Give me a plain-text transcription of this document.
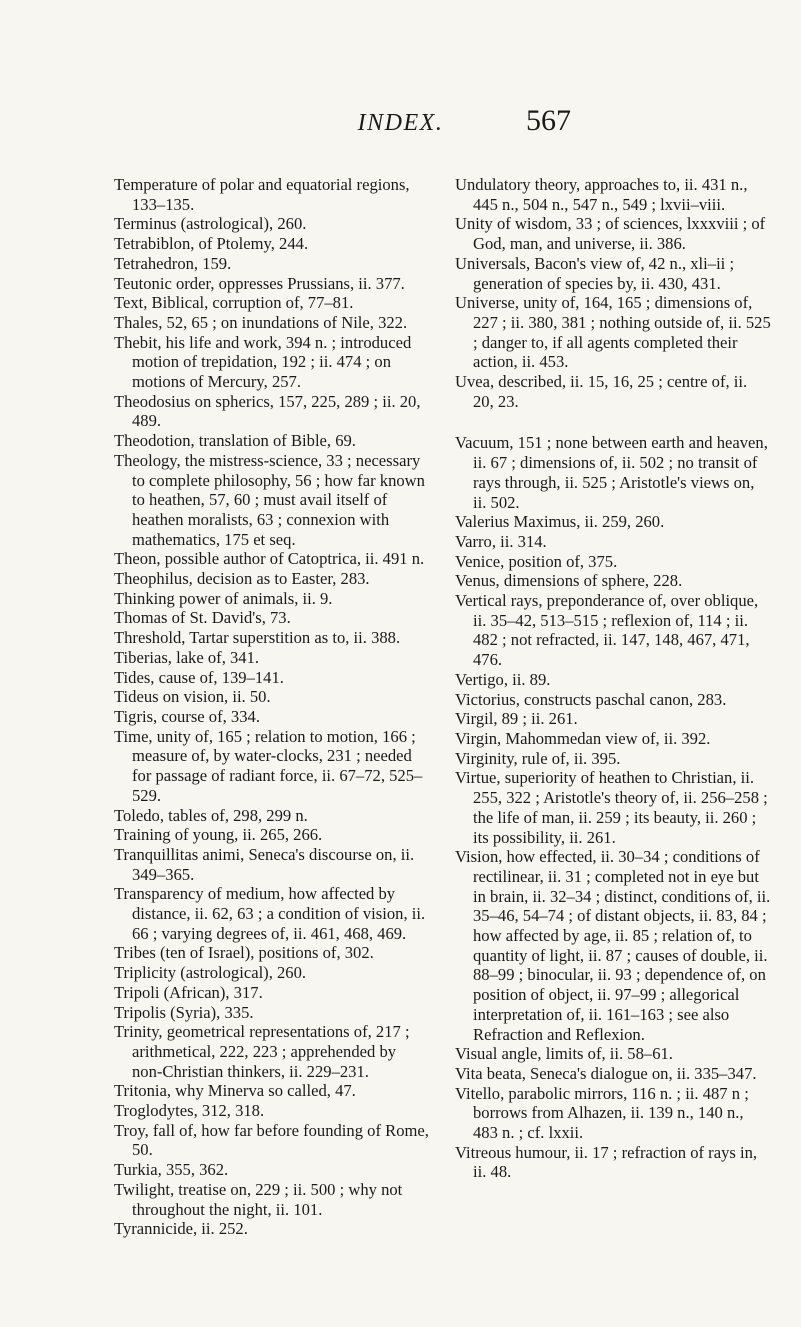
INDEX.	567

Temperature of polar and equatorial regions, 133–135.

Terminus (astrological), 260.

Tetrabiblon, of Ptolemy, 244.

Tetrahedron, 159.

Teutonic order, oppresses Prussians, ii. 377.

Text, Biblical, corruption of, 77–81.

Thales, 52, 65 ; on inundations of Nile, 322.

Thebit, his life and work, 394 n. ; introduced motion of trepidation, 192 ; ii. 474 ; on motions of Mercury, 257.

Theodosius on spherics, 157, 225, 289 ; ii. 20, 489.

Theodotion, translation of Bible, 69.

Theology, the mistress-science, 33 ; necessary to complete philosophy, 56 ; how far known to heathen, 57, 60 ; must avail itself of heathen moralists, 63 ; connexion with mathematics, 175 et seq.

Theon, possible author of Catoptrica, ii. 491 n.

Theophilus, decision as to Easter, 283.

Thinking power of animals, ii. 9.

Thomas of St. David's, 73.

Threshold, Tartar superstition as to, ii. 388.

Tiberias, lake of, 341.

Tides, cause of, 139–141.

Tideus on vision, ii. 50.

Tigris, course of, 334.

Time, unity of, 165 ; relation to motion, 166 ; measure of, by water-clocks, 231 ; needed for passage of radiant force, ii. 67–72, 525–529.

Toledo, tables of, 298, 299 n.

Training of young, ii. 265, 266.

Tranquillitas animi, Seneca's discourse on, ii. 349–365.

Transparency of medium, how affected by distance, ii. 62, 63 ; a condition of vision, ii. 66 ; varying degrees of, ii. 461, 468, 469.

Tribes (ten of Israel), positions of, 302.

Triplicity (astrological), 260.

Tripoli (African), 317.

Tripolis (Syria), 335.

Trinity, geometrical representations of, 217 ; arithmetical, 222, 223 ; apprehended by non-Christian thinkers, ii. 229–231.

Tritonia, why Minerva so called, 47.

Troglodytes, 312, 318.

Troy, fall of, how far before founding of Rome, 50.

Turkia, 355, 362.

Twilight, treatise on, 229 ; ii. 500 ; why not throughout the night, ii. 101.

Tyrannicide, ii. 252.

Undulatory theory, approaches to, ii. 431 n., 445 n., 504 n., 547 n., 549 ; lxvii–viii.

Unity of wisdom, 33 ; of sciences, lxxxviii ; of God, man, and universe, ii. 386.

Universals, Bacon's view of, 42 n., xli–ii ; generation of species by, ii. 430, 431.

Universe, unity of, 164, 165 ; dimensions of, 227 ; ii. 380, 381 ; nothing outside of, ii. 525 ; danger to, if all agents completed their action, ii. 453.

Uvea, described, ii. 15, 16, 25 ; centre of, ii. 20, 23.

Vacuum, 151 ; none between earth and heaven, ii. 67 ; dimensions of, ii. 502 ; no transit of rays through, ii. 525 ; Aristotle's views on, ii. 502.

Valerius Maximus, ii. 259, 260.

Varro, ii. 314.

Venice, position of, 375.

Venus, dimensions of sphere, 228.

Vertical rays, preponderance of, over oblique, ii. 35–42, 513–515 ; reflexion of, 114 ; ii. 482 ; not refracted, ii. 147, 148, 467, 471, 476.

Vertigo, ii. 89.

Victorius, constructs paschal canon, 283.

Virgil, 89 ; ii. 261.

Virgin, Mahommedan view of, ii. 392.

Virginity, rule of, ii. 395.

Virtue, superiority of heathen to Christian, ii. 255, 322 ; Aristotle's theory of, ii. 256–258 ; the life of man, ii. 259 ; its beauty, ii. 260 ; its possibility, ii. 261.

Vision, how effected, ii. 30–34 ; conditions of rectilinear, ii. 31 ; completed not in eye but in brain, ii. 32–34 ; distinct, conditions of, ii. 35–46, 54–74 ; of distant objects, ii. 83, 84 ; how affected by age, ii. 85 ; relation of, to quantity of light, ii. 87 ; causes of double, ii. 88–99 ; binocular, ii. 93 ; dependence of, on position of object, ii. 97–99 ; allegorical interpretation of, ii. 161–163 ; see also Refraction and Reflexion.

Visual angle, limits of, ii. 58–61.

Vita beata, Seneca's dialogue on, ii. 335–347.

Vitello, parabolic mirrors, 116 n. ; ii. 487 n ; borrows from Alhazen, ii. 139 n., 140 n., 483 n. ; cf. lxxii.

Vitreous humour, ii. 17 ; refraction of rays in, ii. 48.
